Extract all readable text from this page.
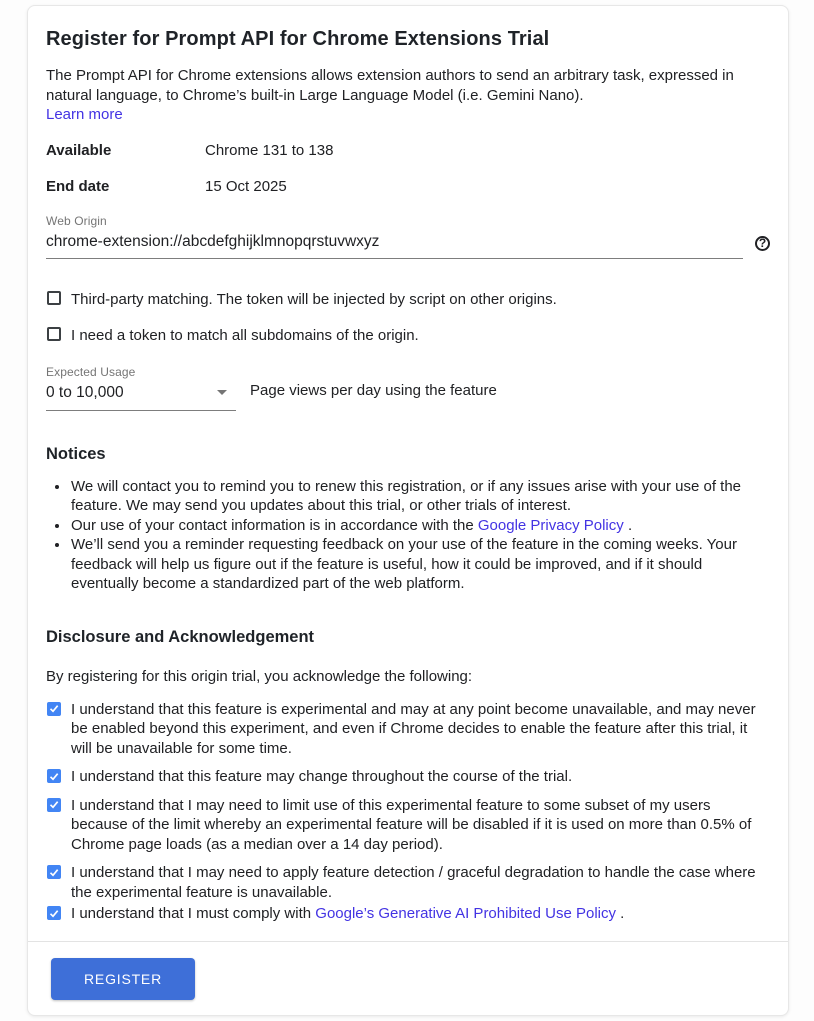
Register for Prompt API for Chrome Extensions Trial

The Prompt API for Chrome extensions allows extension authors to send an arbitrary task, expressed in natural language, to Chrome’s built-in Large Language Model (i.e. Gemini Nano).

Learn more
Available	Chrome 131 to 138
End date	15 Oct 2025
Web Origin
chrome-extension://abcdefghijklmnopqrstuvwxyz
?
Third-party matching. The token will be injected by script on other origins.
I need a token to match all subdomains of the origin.
Expected Usage
0 to 10,000	Page views per day using the feature
Notices
• We will contact you to remind you to renew this registration, or if any issues arise with your use of the feature. We may send you updates about this trial, or other trials of interest.
• Our use of your contact information is in accordance with the Google Privacy Policy .
• We’ll send you a reminder requesting feedback on your use of the feature in the coming weeks. Your feedback will help us figure out if the feature is useful, how it could be improved, and if it should eventually become a standardized part of the web platform.
Disclosure and Acknowledgement

By registering for this origin trial, you acknowledge the following:

I understand that this feature is experimental and may at any point become unavailable, and may never be enabled beyond this experiment, and even if Chrome decides to enable the feature after this trial, it will be unavailable for some time.
I understand that this feature may change throughout the course of the trial.
I understand that I may need to limit use of this experimental feature to some subset of my users because of the limit whereby an experimental feature will be disabled if it is used on more than 0.5% of Chrome page loads (as a median over a 14 day period).
I understand that I may need to apply feature detection / graceful degradation to handle the case where the experimental feature is unavailable.
I understand that I must comply with Google’s Generative AI Prohibited Use Policy .
REGISTER
